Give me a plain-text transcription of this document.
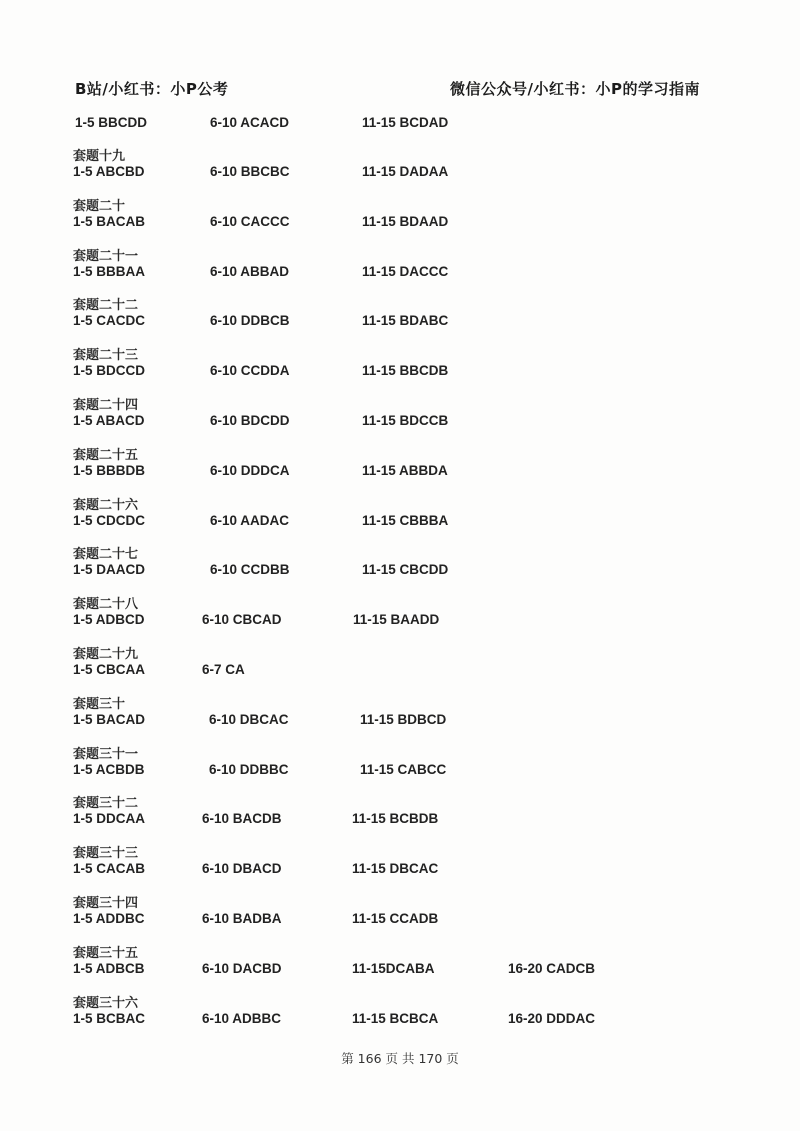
B站/小红书：小P公考	微信公众号/小红书：小P的学习指南
1-5 BBCDD	6-10 ACACD	11-15 BCDAD
套题十九
1-5 ABCBD	6-10 BBCBC	11-15 DADAA
套题二十
1-5 BACAB	6-10 CACCC	11-15 BDAAD
套题二十一
1-5 BBBAA	6-10 ABBAD	11-15 DACCC
套题二十二
1-5 CACDC	6-10 DDBCB	11-15 BDABC
套题二十三
1-5 BDCCD	6-10 CCDDA	11-15 BBCDB
套题二十四
1-5 ABACD	6-10 BDCDD	11-15 BDCCB
套题二十五
1-5 BBBDB	6-10 DDDCA	11-15 ABBDA
套题二十六
1-5 CDCDC	6-10 AADAC	11-15 CBBBA
套题二十七
1-5 DAACD	6-10 CCDBB	11-15 CBCDD
套题二十八
1-5 ADBCD	6-10 CBCAD	11-15 BAADD
套题二十九
1-5 CBCAA	6-7 CA
套题三十
1-5 BACAD	6-10 DBCAC	11-15 BDBCD
套题三十一
1-5 ACBDB	6-10 DDBBC	11-15 CABCC
套题三十二
1-5 DDCAA	6-10 BACDB	11-15 BCBDB
套题三十三
1-5 CACAB	6-10 DBACD	11-15 DBCAC
套题三十四
1-5 ADDBC	6-10 BADBA	11-15 CCADB
套题三十五
1-5 ADBCB	6-10 DACBD	11-15DCABA	16-20 CADCB
套题三十六
1-5 BCBAC	6-10 ADBBC	11-15 BCBCA	16-20 DDDAC
第 166 页 共 170 页
